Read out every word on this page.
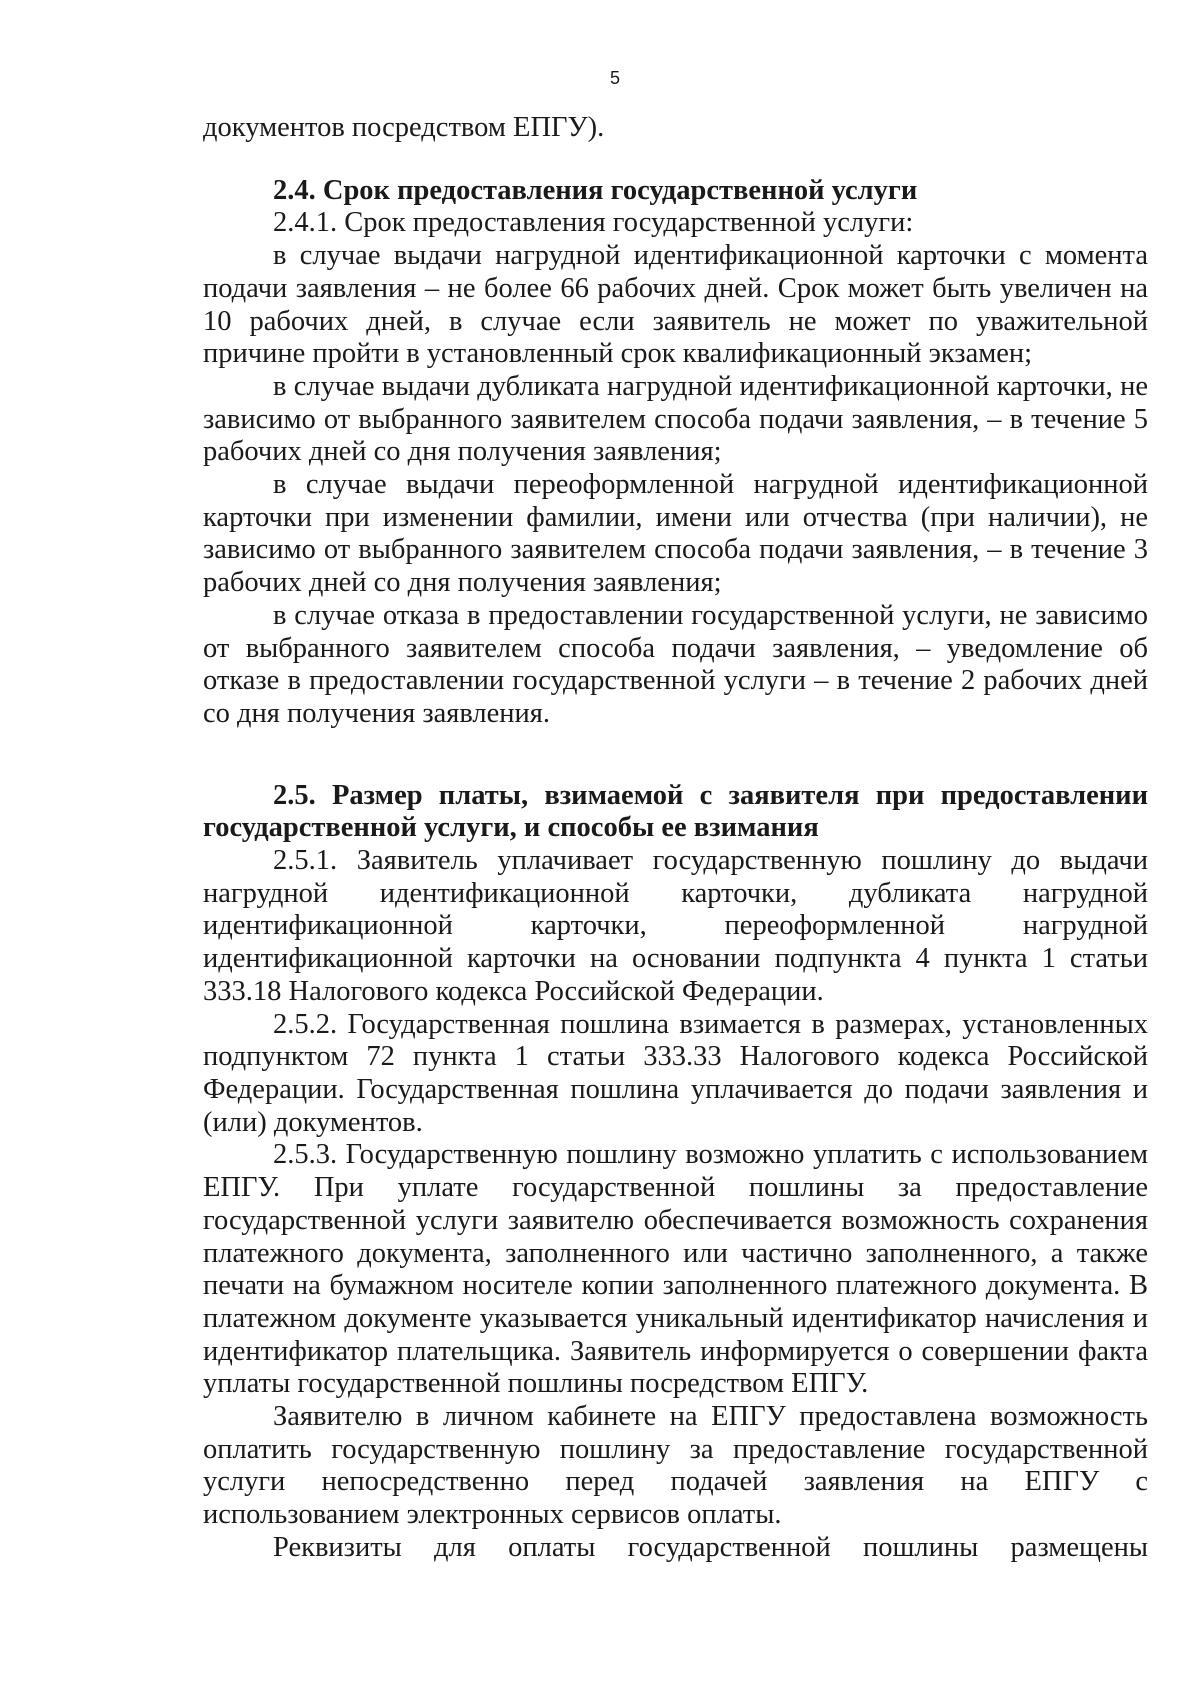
5

документов посредством ЕПГУ).

2.4. Срок предоставления государственной услуги

2.4.1. Срок предоставления государственной услуги:

в случае выдачи нагрудной идентификационной карточки с момента подачи заявления – не более 66 рабочих дней. Срок может быть увеличен на 10 рабочих дней, в случае если заявитель не может по уважительной причине пройти в установленный срок квалификационный экзамен;

в случае выдачи дубликата нагрудной идентификационной карточки, не зависимо от выбранного заявителем способа подачи заявления, – в течение 5 рабочих дней со дня получения заявления;

в случае выдачи переоформленной нагрудной идентификационной карточки при изменении фамилии, имени или отчества (при наличии), не зависимо от выбранного заявителем способа подачи заявления, – в течение 3 рабочих дней со дня получения заявления;

в случае отказа в предоставлении государственной услуги, не зависимо от выбранного заявителем способа подачи заявления, – уведомление об отказе в предоставлении государственной услуги – в течение 2 рабочих дней со дня получения заявления.

2.5. Размер платы, взимаемой с заявителя при предоставлении государственной услуги, и способы ее взимания

2.5.1. Заявитель уплачивает государственную пошлину до выдачи нагрудной идентификационной карточки, дубликата нагрудной идентификационной карточки, переоформленной нагрудной идентификационной карточки на основании подпункта 4 пункта 1 статьи 333.18 Налогового кодекса Российской Федерации.

2.5.2. Государственная пошлина взимается в размерах, установленных подпунктом 72 пункта 1 статьи 333.33 Налогового кодекса Российской Федерации. Государственная пошлина уплачивается до подачи заявления и (или) документов.

2.5.3. Государственную пошлину возможно уплатить с использованием ЕПГУ. При уплате государственной пошлины за предоставление государственной услуги заявителю обеспечивается возможность сохранения платежного документа, заполненного или частично заполненного, а также печати на бумажном носителе копии заполненного платежного документа. В платежном документе указывается уникальный идентификатор начисления и идентификатор плательщика. Заявитель информируется о совершении факта уплаты государственной пошлины посредством ЕПГУ.

Заявителю в личном кабинете на ЕПГУ предоставлена возможность оплатить государственную пошлину за предоставление государственной услуги непосредственно перед подачей заявления на ЕПГУ с использованием электронных сервисов оплаты.

Реквизиты для оплаты государственной пошлины размещены
